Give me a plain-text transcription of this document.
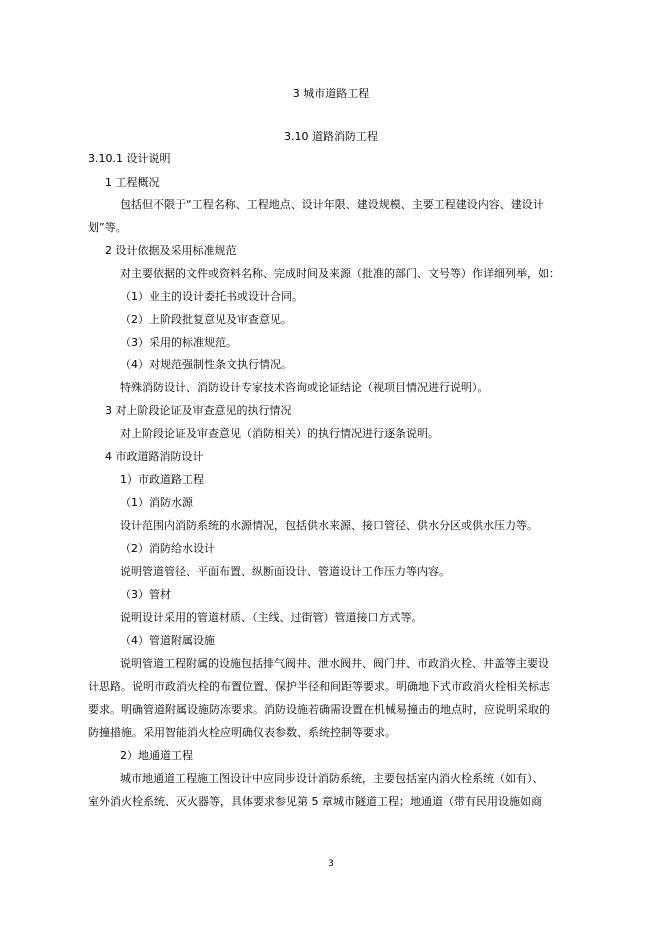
3 城市道路工程
3.10 道路消防工程
3.10.1 设计说明
1 工程概况
包括但不限于“工程名称、工程地点、设计年限、建设规模、主要工程建设内容、建设计
划”等。
2 设计依据及采用标准规范
对主要依据的文件或资料名称、完成时间及来源（批准的部门、文号等）作详细列举，如：
（1）业主的设计委托书或设计合同。
（2）上阶段批复意见及审查意见。
（3）采用的标准规范。
（4）对规范强制性条文执行情况。
特殊消防设计、消防设计专家技术咨询或论证结论（视项目情况进行说明）。
3 对上阶段论证及审查意见的执行情况
对上阶段论证及审查意见（消防相关）的执行情况进行逐条说明。
4 市政道路消防设计
1）市政道路工程
（1）消防水源
设计范围内消防系统的水源情况，包括供水来源、接口管径、供水分区或供水压力等。
（2）消防给水设计
说明管道管径、平面布置、纵断面设计、管道设计工作压力等内容。
（3）管材
说明设计采用的管道材质、（主线、过街管）管道接口方式等。
（4）管道附属设施
说明管道工程附属的设施包括排气阀井、泄水阀井、阀门井、市政消火栓、井盖等主要设
计思路。说明市政消火栓的布置位置、保护半径和间距等要求。明确地下式市政消火栓相关标志
要求。明确管道附属设施防冻要求。消防设施若确需设置在机械易撞击的地点时，应说明采取的
防撞措施。采用智能消火栓应明确仪表参数、系统控制等要求。
2）地通道工程
城市地通道工程施工图设计中应同步设计消防系统，主要包括室内消火栓系统（如有）、
室外消火栓系统、灭火器等，具体要求参见第 5 章城市隧道工程；地通道（带有民用设施如商
3
